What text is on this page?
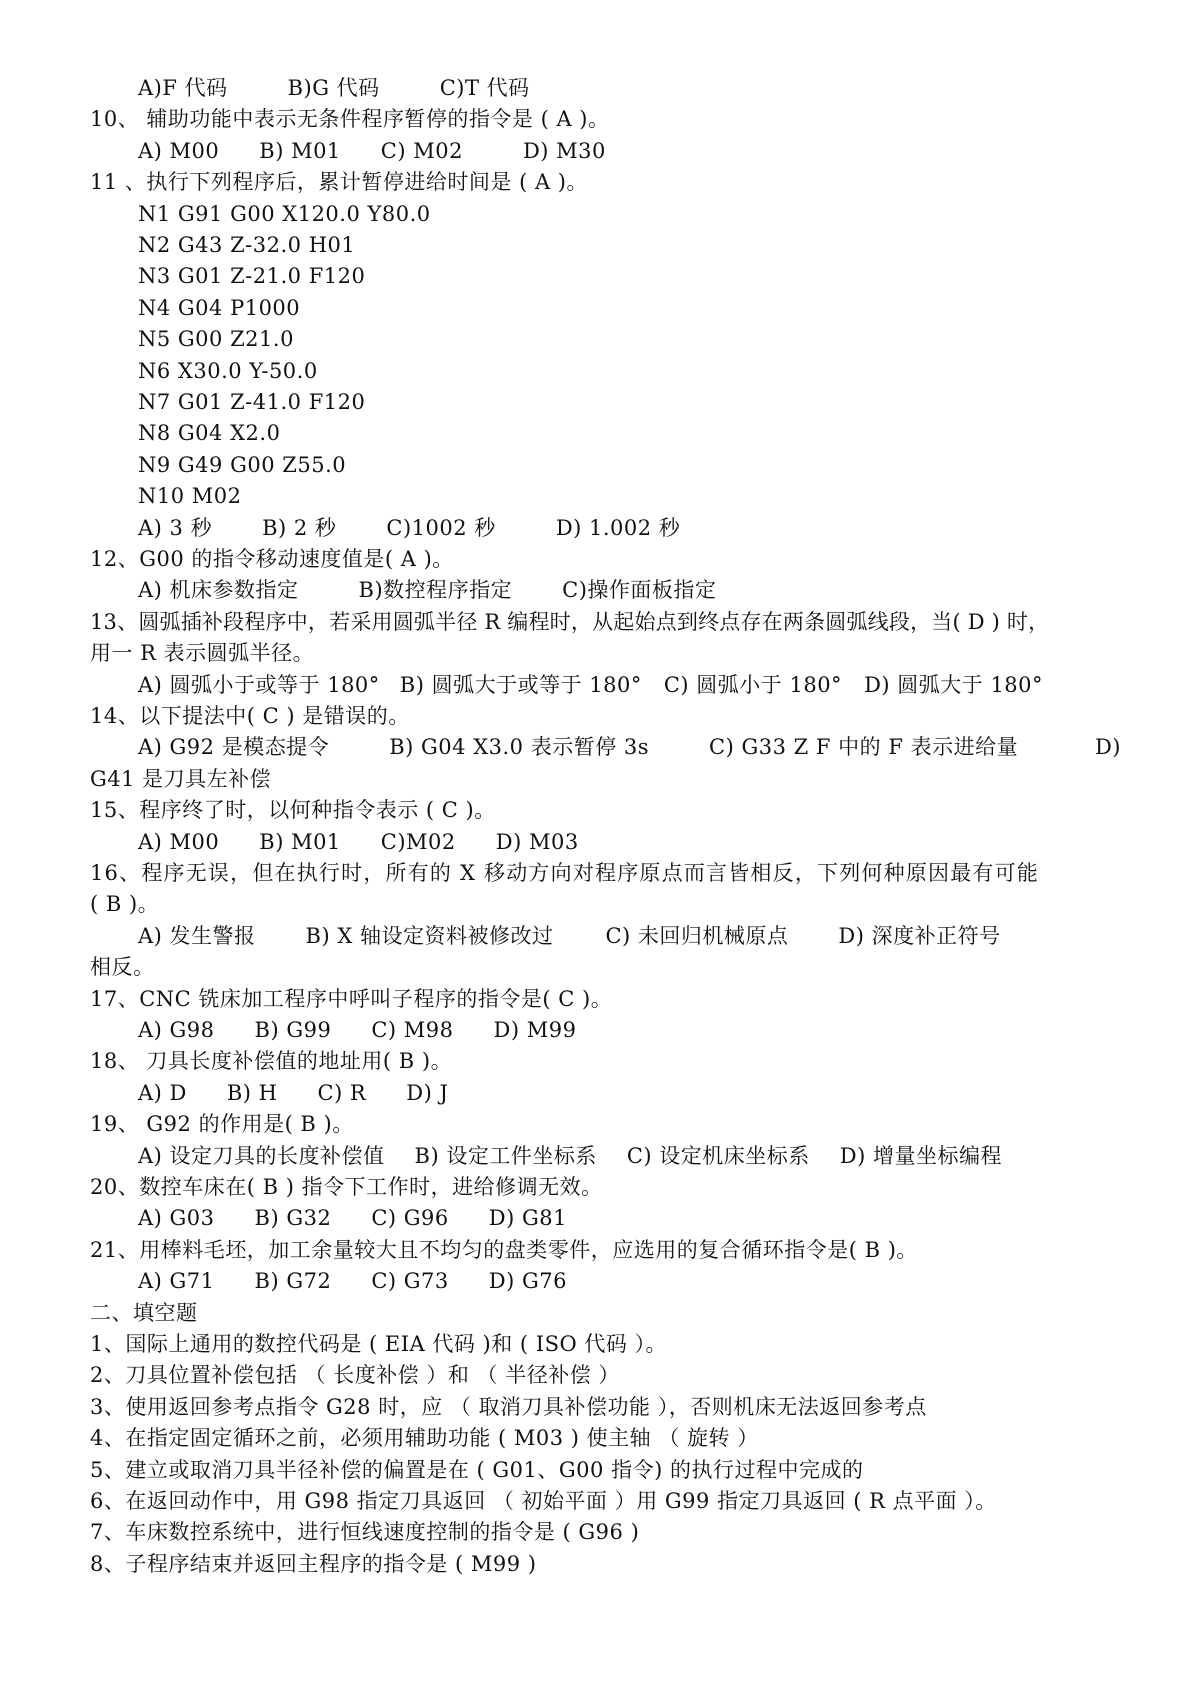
A)F 代码	B)G 代码	C)T 代码
10、 辅助功能中表示无条件程序暂停的指令是 ( A )。
A) M00 B) M01 C) M02	D) M30
11 、执行下列程序后，累计暂停进给时间是 ( A )。
N1 G91 G00 X120.0 Y80.0
N2 G43 Z-32.0 H01
N3 G01 Z-21.0 F120
N4 G04 P1000
N5 G00 Z21.0
N6 X30.0 Y-50.0
N7 G01 Z-41.0 F120
N8 G04 X2.0
N9 G49 G00 Z55.0
N10 M02
A) 3 秒 B) 2 秒 C)1002 秒	D) 1.002 秒
12、G00 的指令移动速度值是( A )。
A) 机床参数指定	B)数控程序指定 C)操作面板指定
13、圆弧插补段程序中，若采用圆弧半径 R 编程时，从起始点到终点存在两条圆弧线段，当( D ) 时，
用一 R 表示圆弧半径。
A) 圆弧小于或等于 180° B) 圆弧大于或等于 180° C) 圆弧小于 180° D) 圆弧大于 180°
14、以下提法中( C ) 是错误的。
A) G92 是模态提令	B) G04 X3.0 表示暂停 3s	C) G33 Z F 中的 F 表示进给量	D)
G41 是刀具左补偿
15、程序终了时，以何种指令表示 ( C )。
A) M00 B) M01 C)M02 D) M03
16、程序无误，但在执行时，所有的 X 移动方向对程序原点而言皆相反，下列何种原因最有可能
( B )。
A) 发生警报 B) X 轴设定资料被修改过 C) 未回归机械原点 D) 深度补正符号
相反。
17、CNC 铣床加工程序中呼叫子程序的指令是( C )。
A) G98 B) G99 C) M98 D) M99
18、 刀具长度补偿值的地址用( B )。
A) D B) H C) R D) J
19、 G92 的作用是( B )。
A) 设定刀具的长度补偿值 B) 设定工件坐标系 C) 设定机床坐标系 D) 增量坐标编程
20、数控车床在( B ) 指令下工作时，进给修调无效。
A) G03 B) G32 C) G96 D) G81
21、用棒料毛坯，加工余量较大且不均匀的盘类零件，应选用的复合循环指令是( B )。
A) G71 B) G72 C) G73 D) G76
二、填空题
1、国际上通用的数控代码是 ( EIA 代码 )和 ( ISO 代码 ）。
2、刀具位置补偿包括 （ 长度补偿 ）和 （ 半径补偿 ）
3、使用返回参考点指令 G28 时，应 （ 取消刀具补偿功能 ），否则机床无法返回参考点
4、在指定固定循环之前，必须用辅助功能 ( M03 ) 使主轴 （ 旋转 ）
5、建立或取消刀具半径补偿的偏置是在 ( G01、G00 指令) 的执行过程中完成的
6、在返回动作中，用 G98 指定刀具返回 （ 初始平面 ）用 G99 指定刀具返回 ( R 点平面 ）。
7、车床数控系统中，进行恒线速度控制的指令是 ( G96 )
8、子程序结束并返回主程序的指令是 ( M99 )
